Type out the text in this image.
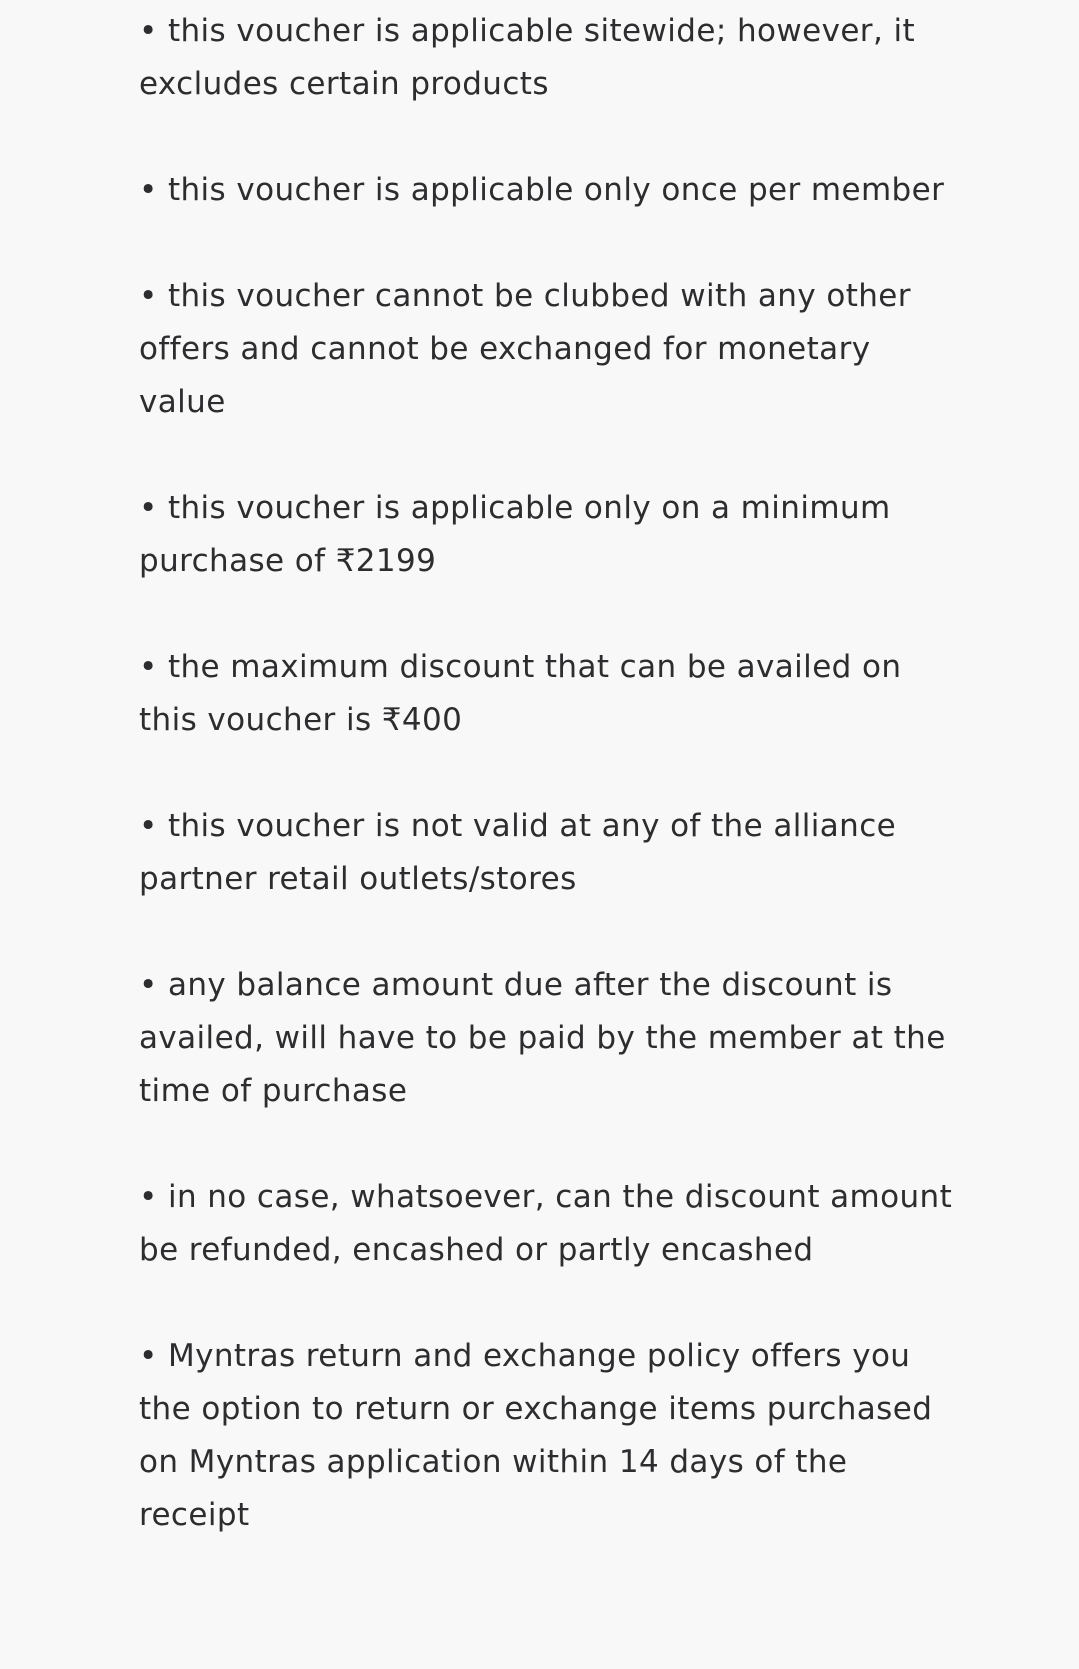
• this voucher is applicable sitewide; however, it excludes certain products
• this voucher is applicable only once per member
• this voucher cannot be clubbed with any other offers and cannot be exchanged for monetary value
• this voucher is applicable only on a minimum purchase of ₹2199
• the maximum discount that can be availed on this voucher is ₹400
• this voucher is not valid at any of the alliance partner retail outlets/stores
• any balance amount due after the discount is availed, will have to be paid by the member at the time of purchase
• in no case, whatsoever, can the discount amount be refunded, encashed or partly encashed
• Myntras return and exchange policy offers you the option to return or exchange items purchased on Myntras application within 14 days of the receipt
